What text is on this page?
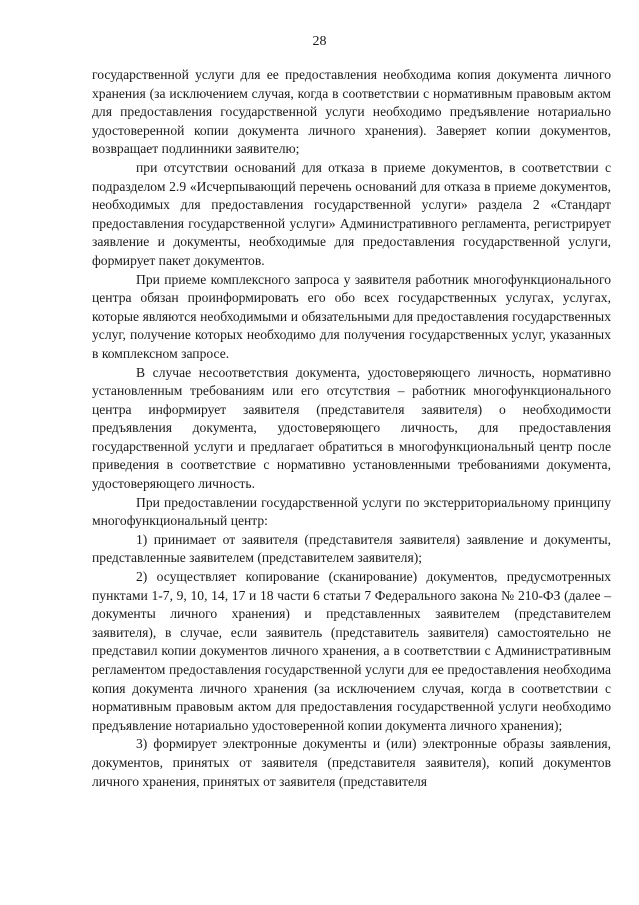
28

государственной услуги для ее предоставления необходима копия документа личного хранения (за исключением случая, когда в соответствии с нормативным правовым актом для предоставления государственной услуги необходимо предъявление нотариально удостоверенной копии документа личного хранения). Заверяет копии документов, возвращает подлинники заявителю;

при отсутствии оснований для отказа в приеме документов, в соответствии с подразделом 2.9 «Исчерпывающий перечень оснований для отказа в приеме документов, необходимых для предоставления государственной услуги» раздела 2 «Стандарт предоставления государственной услуги» Административного регламента, регистрирует заявление и документы, необходимые для предоставления государственной услуги, формирует пакет документов.

При приеме комплексного запроса у заявителя работник многофункционального центра обязан проинформировать его обо всех государственных услугах, услугах, которые являются необходимыми и обязательными для предоставления государственных услуг, получение которых необходимо для получения государственных услуг, указанных в комплексном запросе.

В случае несоответствия документа, удостоверяющего личность, нормативно установленным требованиям или его отсутствия – работник многофункционального центра информирует заявителя (представителя заявителя) о необходимости предъявления документа, удостоверяющего личность, для предоставления государственной услуги и предлагает обратиться в многофункциональный центр после приведения в соответствие с нормативно установленными требованиями документа, удостоверяющего личность.

При предоставлении государственной услуги по экстерриториальному принципу многофункциональный центр:

1) принимает от заявителя (представителя заявителя) заявление и документы, представленные заявителем (представителем заявителя);

2) осуществляет копирование (сканирование) документов, предусмотренных пунктами 1-7, 9, 10, 14, 17 и 18 части 6 статьи 7 Федерального закона № 210-ФЗ (далее – документы личного хранения) и представленных заявителем (представителем заявителя), в случае, если заявитель (представитель заявителя) самостоятельно не представил копии документов личного хранения, а в соответствии с Административным регламентом предоставления государственной услуги для ее предоставления необходима копия документа личного хранения (за исключением случая, когда в соответствии с нормативным правовым актом для предоставления государственной услуги необходимо предъявление нотариально удостоверенной копии документа личного хранения);

3) формирует электронные документы и (или) электронные образы заявления, документов, принятых от заявителя (представителя заявителя), копий документов личного хранения, принятых от заявителя (представителя
